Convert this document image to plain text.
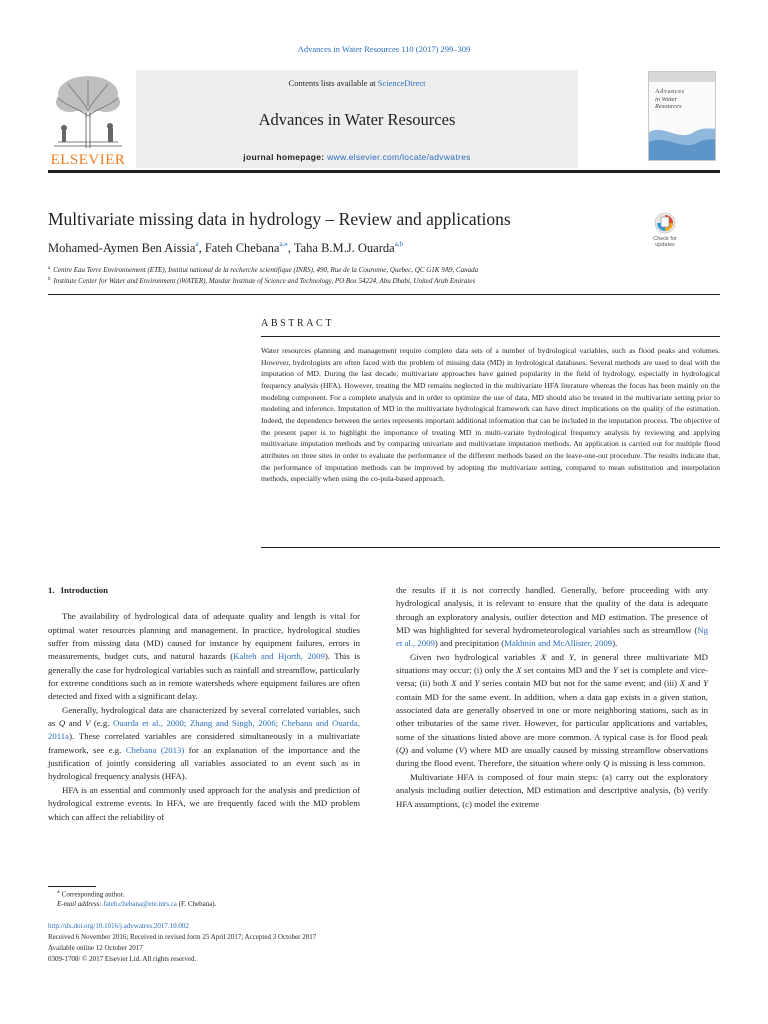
Advances in Water Resources 110 (2017) 299–309
ELSEVIER
Contents lists available at ScienceDirect
Advances in Water Resources
journal homepage: www.elsevier.com/locate/advwatres
Advances
in Water
Resources
Multivariate missing data in hydrology – Review and applications
Check for
updates
Mohamed-Aymen Ben Aissia$^a$, Fateh Chebana$^{a,⁎}$, Taha B.M.J. Ouarda$^{a,b}$
$^a$ Centre Eau Terre Environnement (ETE), Institut national de la recherche scientifique (INRS), 490, Rue de la Couronne, Quebec, QC G1K 9A9, Canada
$^b$ Institute Center for Water and Environment (iWATER), Masdar Institute of Science and Technology, PO Box 54224, Abu Dhabi, United Arab Emirates
ABSTRACT
Water resources planning and management require complete data sets of a number of hydrological variables, such as flood peaks and volumes. However, hydrologists are often faced with the problem of missing data (MD) in hydrological databases. Several methods are used to deal with the imputation of MD. During the last decade, multivariate approaches have gained popularity in the field of hydrology, especially in hydrological frequency analysis (HFA). However, treating the MD remains neglected in the multivariate HFA literature whereas the focus has been mainly on the modeling component. For a complete analysis and in order to optimize the use of data, MD should also be treated in the multivariate setting prior to modeling and inference. Imputation of MD in the multivariate hydrological framework can have direct implications on the quality of the estimation. Indeed, the dependence between the series represents important additional information that can be included in the imputation process. The objective of the present paper is to highlight the importance of treating MD in multi-variate hydrological frequency analysis by reviewing and applying multivariate imputation methods and by comparing univariate and multivariate imputation methods. An application is carried out for multiple flood attributes on three sites in order to evaluate the performance of the different methods based on the leave-one-out procedure. The results indicate that, the performance of imputation methods can be improved by adopting the multivariate setting, compared to mean substitution and interpolation methods, especially when using the co-pula-based approach.
1. Introduction

The availability of hydrological data of adequate quality and length is vital for optimal water resources planning and management. In practice, hydrological studies suffer from missing data (MD) caused for instance by equipment failures, errors in measurements, budget cuts, and natural hazards (Kalteh and Hjorth, 2009). This is generally the case for hydrological variables such as rainfall and streamflow, particularly for extreme conditions such as in remote watersheds where equipment failures are often detected and fixed with a significant delay.

Generally, hydrological data are characterized by several correlated variables, such as Q and V (e.g. Ouarda et al., 2000; Zhang and Singh, 2006; Chebana and Ouarda, 2011a). These correlated variables are considered simultaneously in a multivariate framework, see e.g. Chebana (2013) for an explanation of the importance and the justification of jointly considering all variables associated to an event such as in hydrological frequency analysis (HFA).

HFA is an essential and commonly used approach for the analysis and prediction of hydrological extreme events. In HFA, we are frequently faced with the MD problem which can affect the reliability of

the results if it is not correctly handled. Generally, before proceeding with any hydrological analysis, it is relevant to ensure that the quality of the data is adequate through an exploratory analysis, outlier detection and MD estimation. The presence of MD was highlighted for several hydrometeorological variables such as streamflow (Ng et al., 2009) and precipitation (Makhnin and McAllister, 2009).

Given two hydrological variables X and Y, in general three multivariate MD situations may occur: (i) only the X set contains MD and the Y set is complete and vice-versa; (ii) both X and Y series contain MD but not for the same event; and (iii) X and Y contain MD for the same event. In addition, when a data gap exists in a given station, associated data are generally observed in one or more neighboring stations, such as in other tributaries of the same river. However, for particular applications and variables, some of the situations listed above are more common. A typical case is for flood peak (Q) and volume (V) where MD are usually caused by missing streamflow observations during the flood event. Therefore, the situation where only Q is missing is less common.

Multivariate HFA is composed of four main steps: (a) carry out the exploratory analysis including outlier detection, MD estimation and descriptive analysis, (b) verify HFA assumptions, (c) model the extreme

⁎ Corresponding author.
E-mail address: fateh.chebana@ete.inrs.ca (F. Chebana).
http://dx.doi.org/10.1016/j.advwatres.2017.10.002
Received 6 November 2016; Received in revised form 25 April 2017; Accepted 3 October 2017
Available online 12 October 2017
0309-1708/ © 2017 Elsevier Ltd. All rights reserved.
